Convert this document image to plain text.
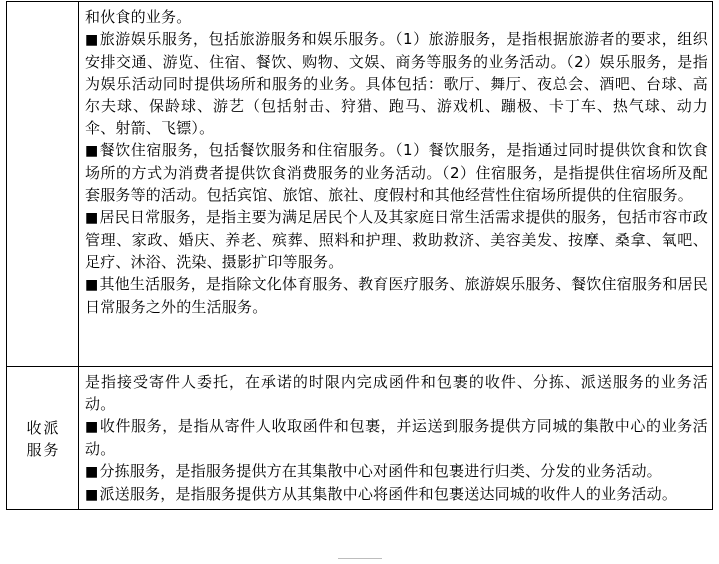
	和伙食的业务。

■旅游娱乐服务，包括旅游服务和娱乐服务。（1）旅游服务，是指根据旅游者的要求，组织安排交通、游览、住宿、餐饮、购物、文娱、商务等服务的业务活动。（2）娱乐服务，是指为娱乐活动同时提供场所和服务的业务。具体包括：歌厅、舞厅、夜总会、酒吧、台球、高尔夫球、保龄球、游艺（包括射击、狩猎、跑马、游戏机、蹦极、卡丁车、热气球、动力伞、射箭、飞镖）。

■餐饮住宿服务，包括餐饮服务和住宿服务。（1）餐饮服务，是指通过同时提供饮食和饮食场所的方式为消费者提供饮食消费服务的业务活动。（2）住宿服务，是指提供住宿场所及配套服务等的活动。包括宾馆、旅馆、旅社、度假村和其他经营性住宿场所提供的住宿服务。

■居民日常服务，是指主要为满足居民个人及其家庭日常生活需求提供的服务，包括市容市政管理、家政、婚庆、养老、殡葬、照料和护理、救助救济、美容美发、按摩、桑拿、氧吧、足疗、沐浴、洗染、摄影扩印等服务。

■其他生活服务，是指除文化体育服务、教育医疗服务、旅游娱乐服务、餐饮住宿服务和居民日常服务之外的生活服务。

收派服务	是指接受寄件人委托，在承诺的时限内完成函件和包裹的收件、分拣、派送服务的业务活动。

■收件服务，是指从寄件人收取函件和包裹，并运送到服务提供方同城的集散中心的业务活动。

■分拣服务，是指服务提供方在其集散中心对函件和包裹进行归类、分发的业务活动。

■派送服务，是指服务提供方从其集散中心将函件和包裹送达同城的收件人的业务活动。
